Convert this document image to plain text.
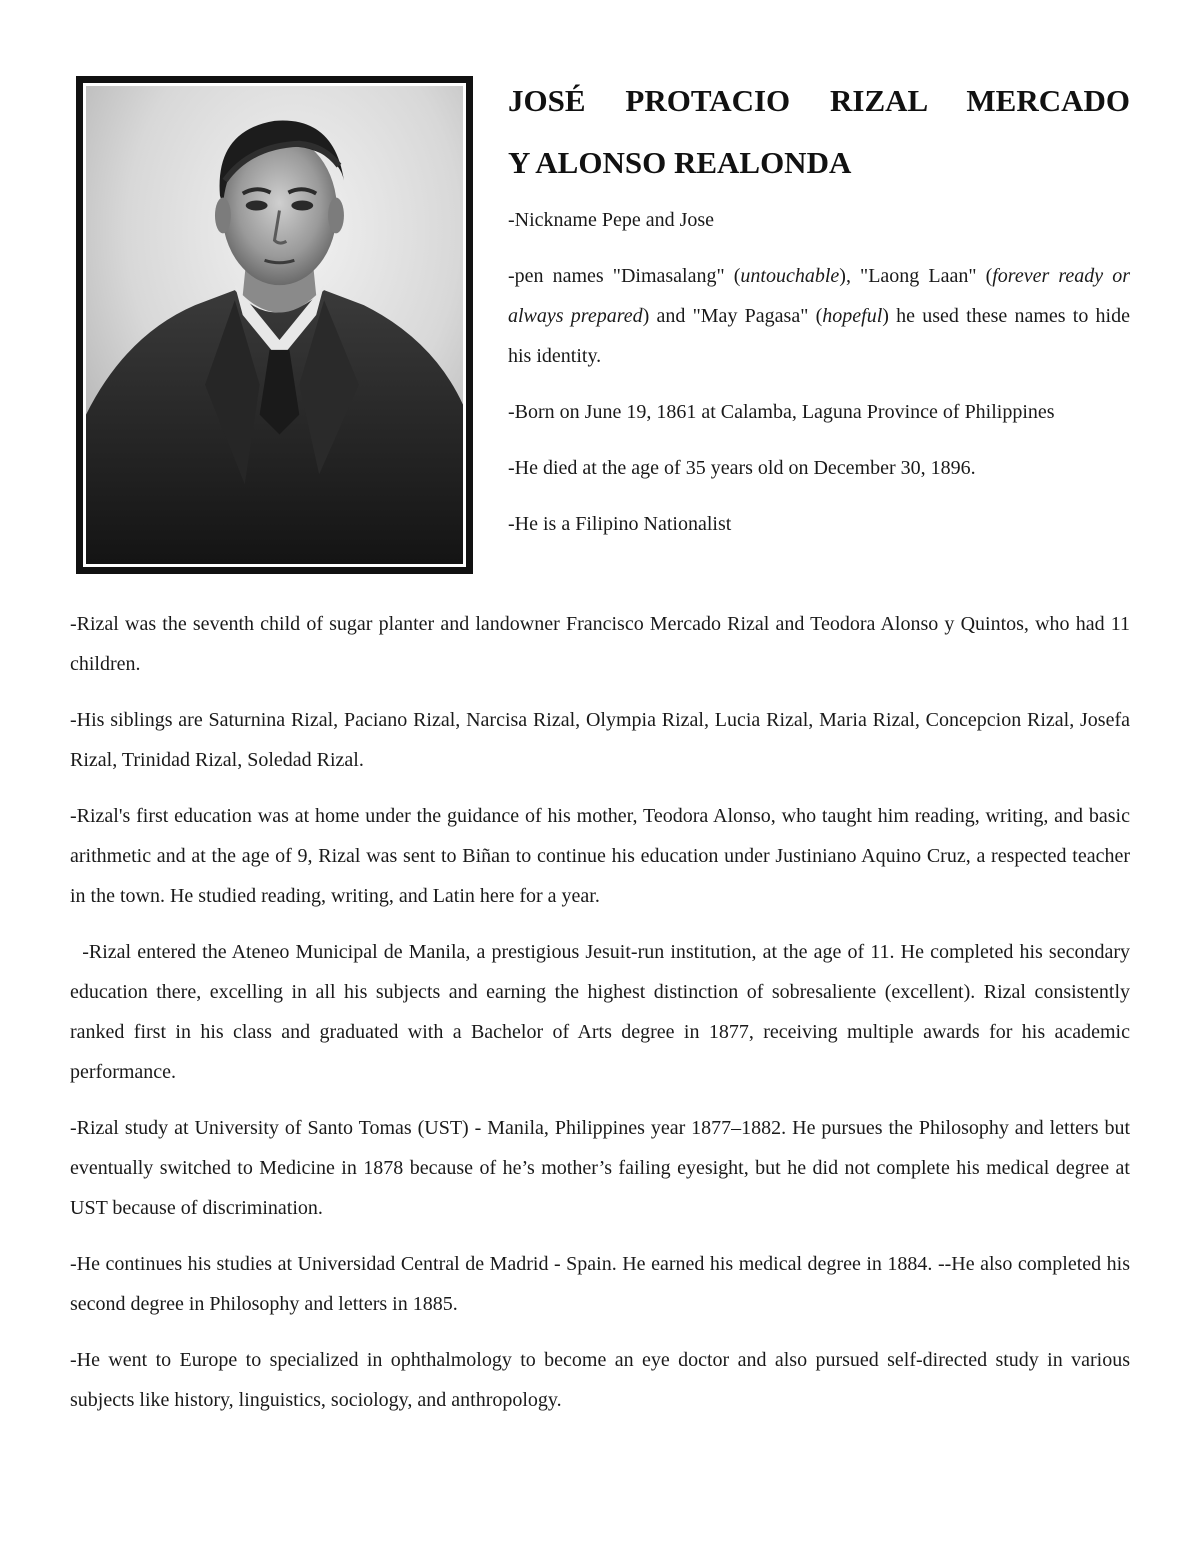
JOSÉ PROTACIO RIZAL MERCADO
Y ALONSO REALONDA

-Nickname Pepe and Jose

-pen names "Dimasalang" (untouchable), "Laong Laan" (forever ready or always prepared) and "May Pagasa" (hopeful) he used these names to hide his identity.

-Born on June 19, 1861 at Calamba, Laguna Province of Philippines

-He died at the age of 35 years old on December 30, 1896.

-He is a Filipino Nationalist

-Rizal was the seventh child of sugar planter and landowner Francisco Mercado Rizal and Teodora Alonso y Quintos, who had 11 children.

-His siblings are Saturnina Rizal, Paciano Rizal, Narcisa Rizal, Olympia Rizal, Lucia Rizal, Maria Rizal, Concepcion Rizal, Josefa Rizal, Trinidad Rizal, Soledad Rizal.

-Rizal's first education was at home under the guidance of his mother, Teodora Alonso, who taught him reading, writing, and basic arithmetic and at the age of 9, Rizal was sent to Biñan to continue his education under Justiniano Aquino Cruz, a respected teacher in the town. He studied reading, writing, and Latin here for a year.

-Rizal entered the Ateneo Municipal de Manila, a prestigious Jesuit-run institution, at the age of 11. He completed his secondary education there, excelling in all his subjects and earning the highest distinction of sobresaliente (excellent). Rizal consistently ranked first in his class and graduated with a Bachelor of Arts degree in 1877, receiving multiple awards for his academic performance.

-Rizal study at University of Santo Tomas (UST) - Manila, Philippines year 1877–1882. He pursues the Philosophy and letters but eventually switched to Medicine in 1878 because of he’s mother’s failing eyesight, but he did not complete his medical degree at UST because of discrimination.

-He continues his studies at Universidad Central de Madrid - Spain. He earned his medical degree in 1884. --He also completed his second degree in Philosophy and letters in 1885.

-He went to Europe to specialized in ophthalmology to become an eye doctor and also pursued self-directed study in various subjects like history, linguistics, sociology, and anthropology.
